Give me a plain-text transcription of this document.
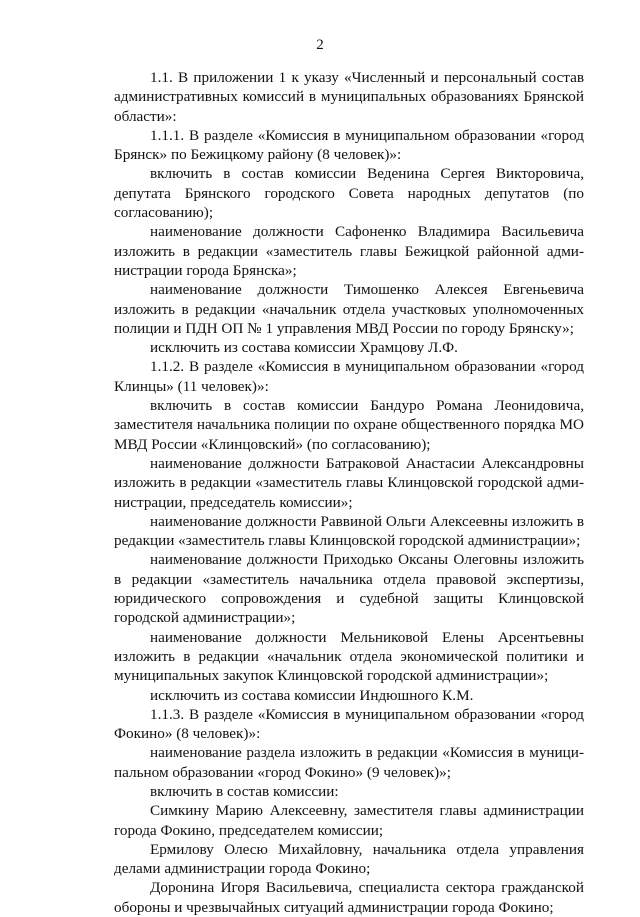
2

1.1. В приложении 1 к указу «Численный и персональный состав административных комиссий в муниципальных образованиях Брянской области»:

1.1.1. В разделе «Комиссия в муниципальном образовании «город Брянск» по Бежицкому району (8 человек)»:

включить в состав комиссии Веденина Сергея Викторовича, депутата Брянского городского Совета народных депутатов (по согласованию);

наименование должности Сафоненко Владимира Васильевича изложить в редакции «заместитель главы Бежицкой районной администрации города Брянска»;

наименование должности Тимошенко Алексея Евгеньевича изложить в редакции «начальник отдела участковых уполномоченных полиции и ПДН ОП № 1 управления МВД России по городу Брянску»;

исключить из состава комиссии Храмцову Л.Ф.

1.1.2. В разделе «Комиссия в муниципальном образовании «город Клинцы» (11 человек)»:

включить в состав комиссии Бандуро Романа Леонидовича, заместителя начальника полиции по охране общественного порядка МО МВД России «Клинцовский» (по согласованию);

наименование должности Батраковой Анастасии Александровны изложить в редакции «заместитель главы Клинцовской городской администрации, председатель комиссии»;

наименование должности Раввиной Ольги Алексеевны изложить в редакции «заместитель главы Клинцовской городской администрации»;

наименование должности Приходько Оксаны Олеговны изложить в редакции «заместитель начальника отдела правовой экспертизы, юридического сопровождения и судебной защиты Клинцовской городской администрации»;

наименование должности Мельниковой Елены Арсентьевны изложить в редакции «начальник отдела экономической политики и муниципальных закупок Клинцовской городской администрации»;

исключить из состава комиссии Индюшного К.М.

1.1.3. В разделе «Комиссия в муниципальном образовании «город Фокино» (8 человек)»:

наименование раздела изложить в редакции «Комиссия в муниципальном образовании «город Фокино» (9 человек)»;

включить в состав комиссии:

Симкину Марию Алексеевну, заместителя главы администрации города Фокино, председателем комиссии;

Ермилову Олесю Михайловну, начальника отдела управления делами администрации города Фокино;

Доронина Игоря Васильевича, специалиста сектора гражданской обороны и чрезвычайных ситуаций администрации города Фокино;
